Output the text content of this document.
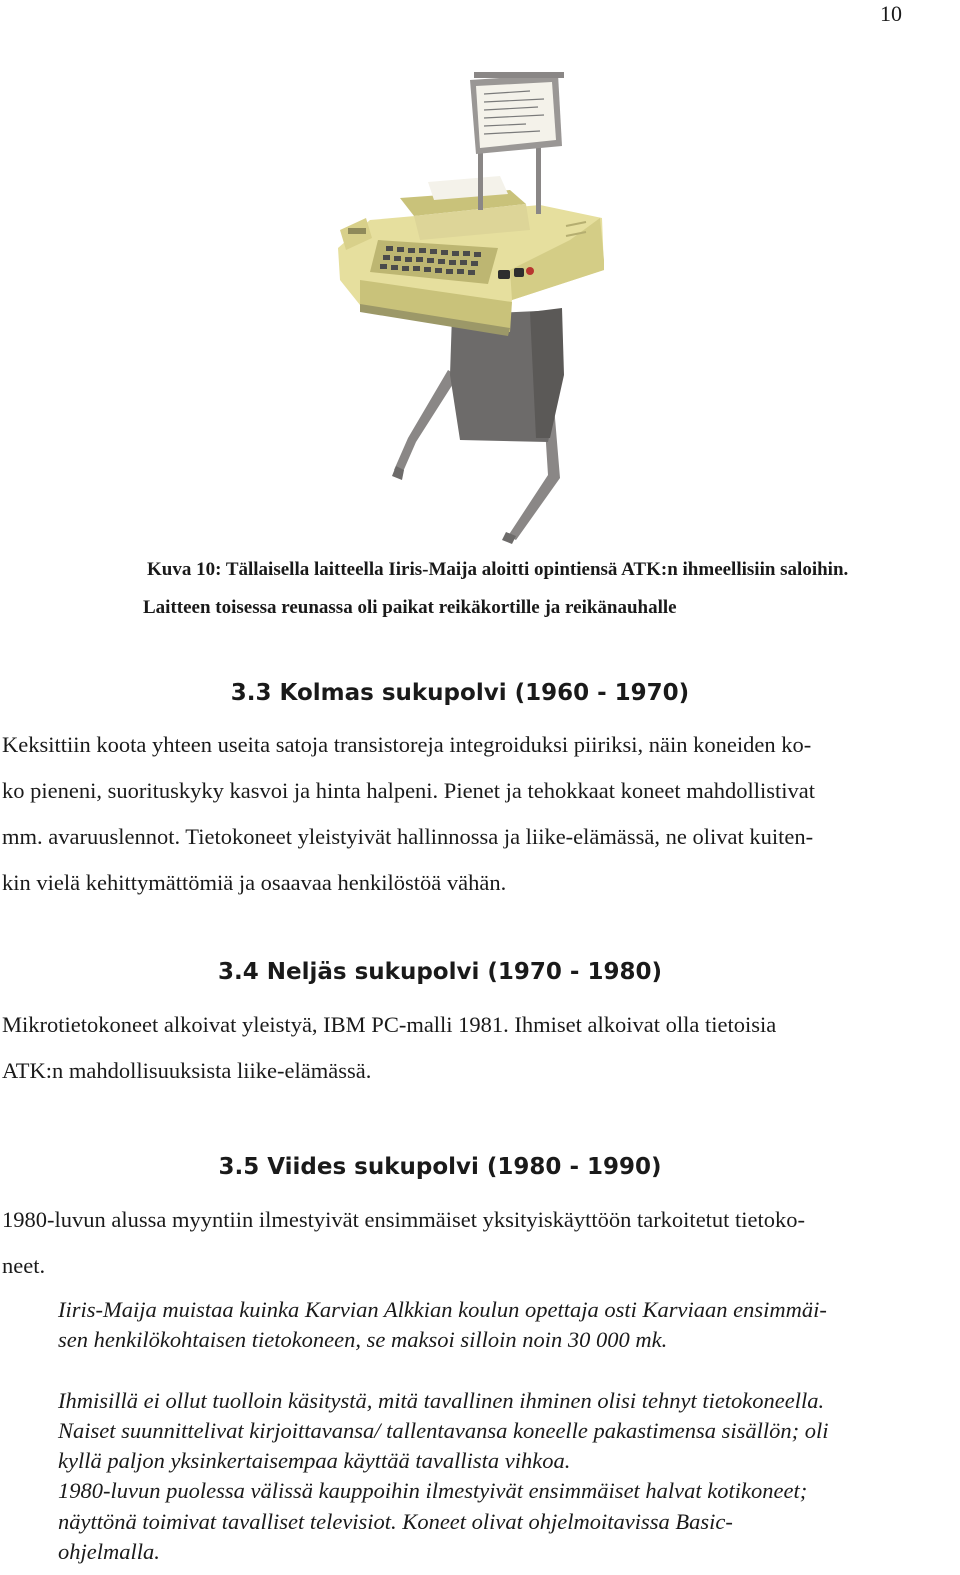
10
Kuva 10: Tällaisella laitteella Iiris-Maija aloitti opintiensä ATK:n ihmeellisiin saloihin.
Laitteen toisessa reunassa oli paikat reikäkortille ja reikänauhalle
3.3 Kolmas sukupolvi (1960 - 1970)
Keksittiin koota yhteen useita satoja transistoreja integroiduksi piiriksi, näin koneiden ko-
ko pieneni, suorituskyky kasvoi ja hinta halpeni. Pienet ja tehokkaat koneet mahdollistivat
mm. avaruuslennot. Tietokoneet yleistyivät hallinnossa ja liike-elämässä, ne olivat kuiten-
kin vielä kehittymättömiä ja osaavaa henkilöstöä vähän.
3.4 Neljäs sukupolvi (1970 - 1980)
Mikrotietokoneet alkoivat yleistyä, IBM PC-malli 1981. Ihmiset alkoivat olla tietoisia
ATK:n mahdollisuuksista liike-elämässä.
3.5 Viides sukupolvi (1980 - 1990)
1980-luvun alussa myyntiin ilmestyivät ensimmäiset yksityiskäyttöön tarkoitetut tietoko-
neet.
Iiris-Maija muistaa kuinka Karvian Alkkian koulun opettaja osti Karviaan ensimmäi-
sen henkilökohtaisen tietokoneen, se maksoi silloin noin 30 000 mk.
Ihmisillä ei ollut tuolloin käsitystä, mitä tavallinen ihminen olisi tehnyt tietokoneella.
Naiset suunnittelivat kirjoittavansa/ tallentavansa koneelle pakastimensa sisällön; oli
kyllä paljon yksinkertaisempaa käyttää tavallista vihkoa.
1980-luvun puolessa välissä kauppoihin ilmestyivät ensimmäiset halvat kotikoneet;
näyttönä toimivat tavalliset televisiot. Koneet olivat ohjelmoitavissa Basic-
ohjelmalla.
